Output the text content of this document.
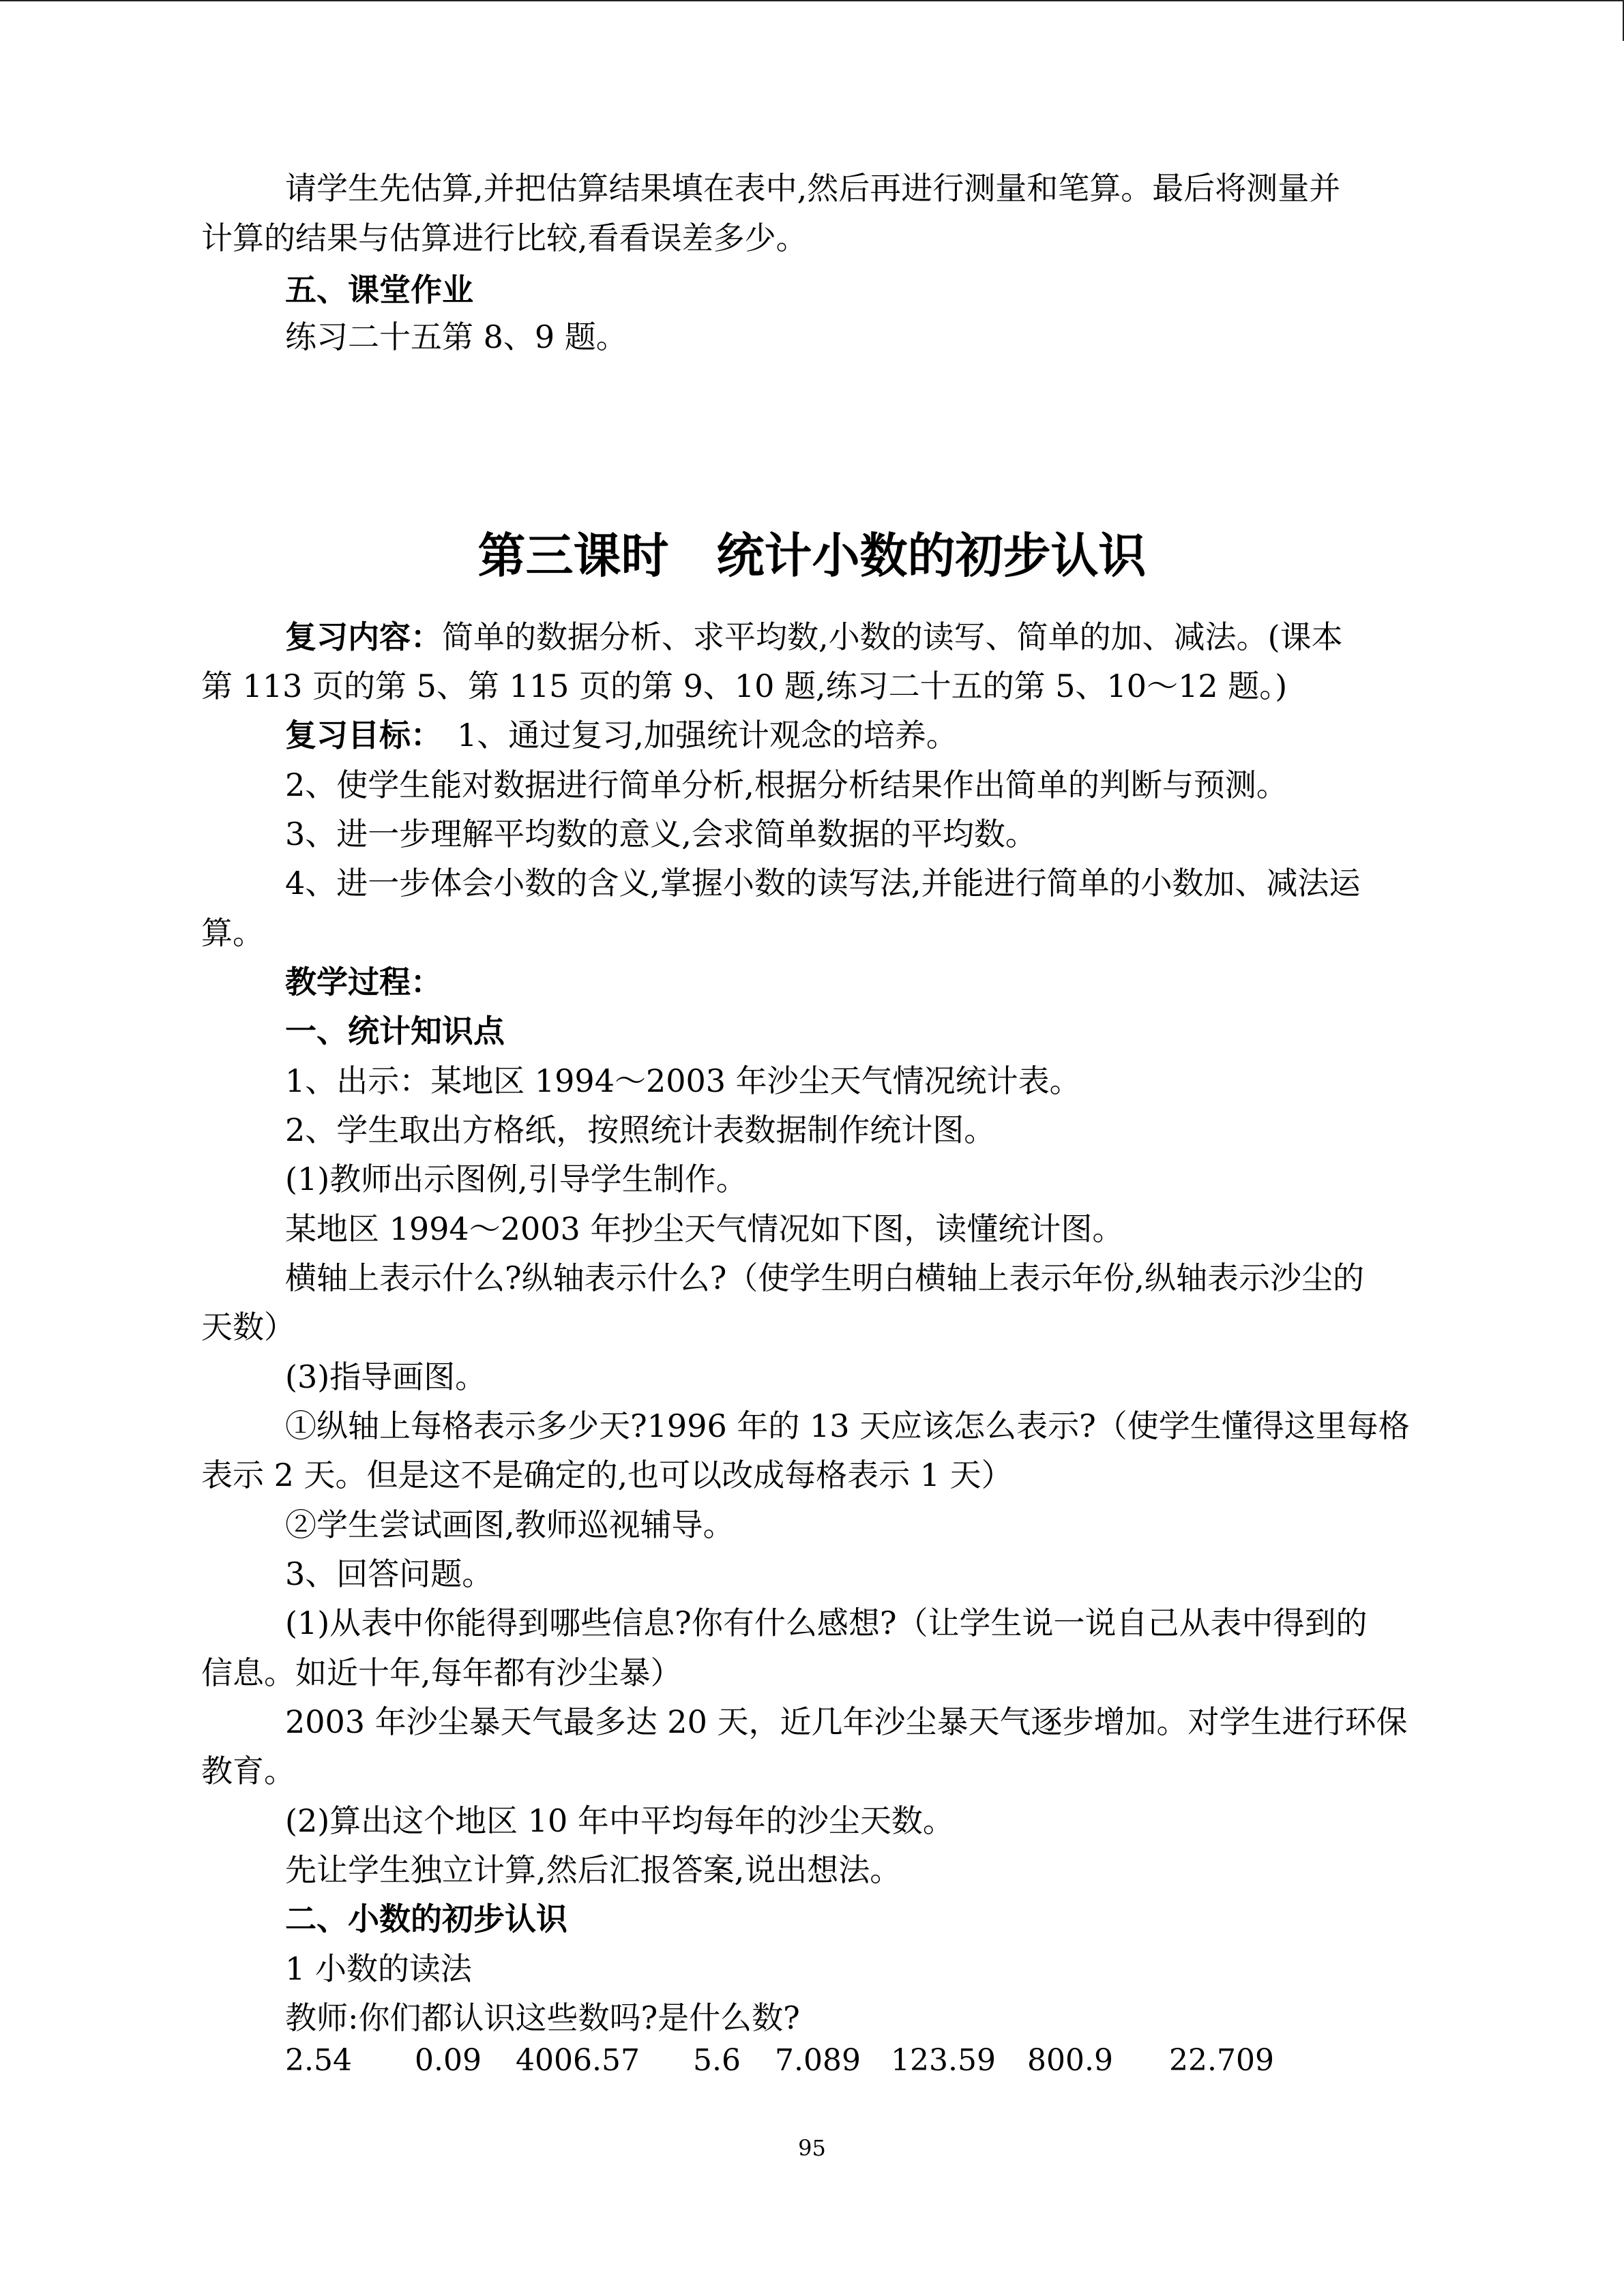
请学生先估算,并把估算结果填在表中,然后再进行测量和笔算。最后将测量并

计算的结果与估算进行比较,看看误差多少。

五、课堂作业

练习二十五第 8、9 题。

第三课时　统计小数的初步认识

复习内容：简单的数据分析、求平均数,小数的读写、简单的加、减法。(课本

第 113 页的第 5、第 115 页的第 9、10 题,练习二十五的第 5、10～12 题。)

复习目标： 1、通过复习,加强统计观念的培养。

2、使学生能对数据进行简单分析,根据分析结果作出简单的判断与预测。

3、进一步理解平均数的意义,会求简单数据的平均数。

4、进一步体会小数的含义,掌握小数的读写法,并能进行简单的小数加、减法运

算。

教学过程：

一、统计知识点

1、出示：某地区 1994～2003 年沙尘天气情况统计表。

2、学生取出方格纸，按照统计表数据制作统计图。

(1)教师出示图例,引导学生制作。

某地区 1994～2003 年抄尘天气情况如下图，读懂统计图。

横轴上表示什么?纵轴表示什么?（使学生明白横轴上表示年份,纵轴表示沙尘的

天数）

(3)指导画图。

①纵轴上每格表示多少天?1996 年的 13 天应该怎么表示?（使学生懂得这里每格

表示 2 天。但是这不是确定的,也可以改成每格表示 1 天）

②学生尝试画图,教师巡视辅导。

3、回答问题。

(1)从表中你能得到哪些信息?你有什么感想?（让学生说一说自己从表中得到的

信息。如近十年,每年都有沙尘暴）

2003 年沙尘暴天气最多达 20 天，近几年沙尘暴天气逐步增加。对学生进行环保

教育。

(2)算出这个地区 10 年中平均每年的沙尘天数。

先让学生独立计算,然后汇报答案,说出想法。

二、小数的初步认识

1 小数的读法

教师:你们都认识这些数吗?是什么数?

2.54 0.09 4006.57 5.6 7.089 123.59 800.9 22.709
95
